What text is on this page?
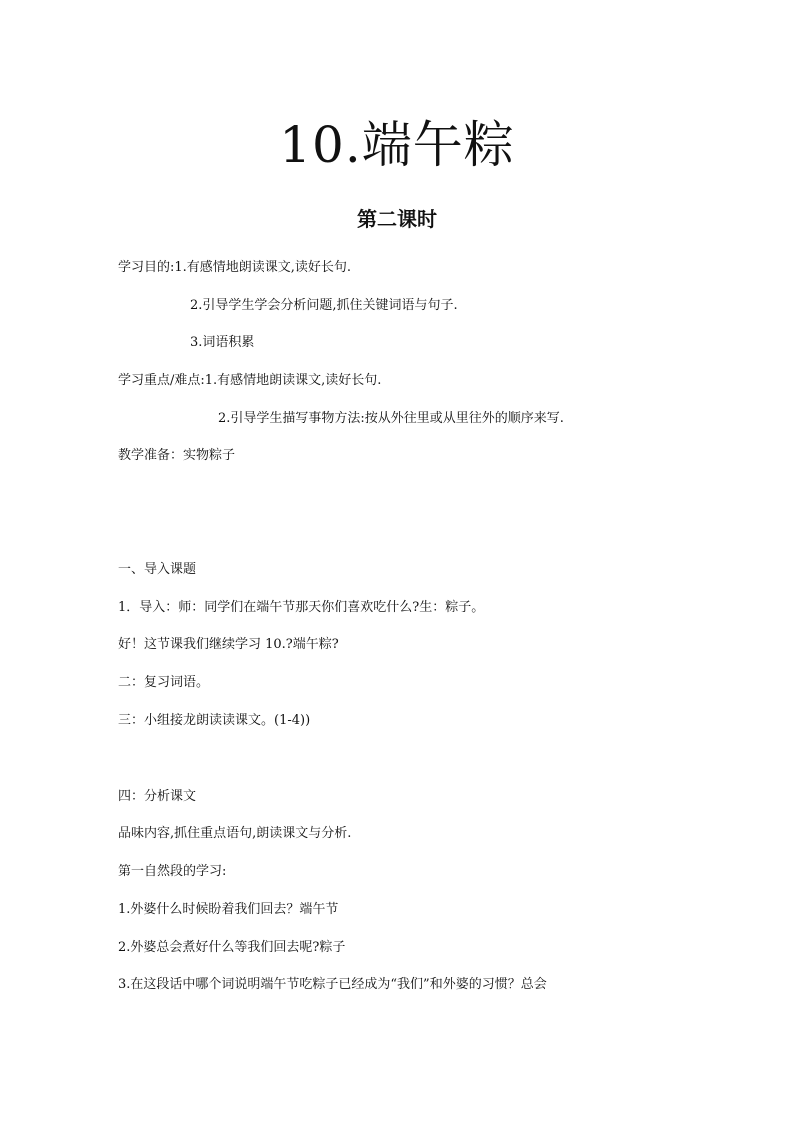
10.端午粽
第二课时

学习目的:1.有感情地朗读课文,读好长句.

2.引导学生学会分析问题,抓住关键词语与句子.

3.词语积累

学习重点/难点:1.有感情地朗读课文,读好长句.

2.引导学生描写事物方法:按从外往里或从里往外的顺序来写.

教学准备：实物粽子

一、导入课题

1．导入：师：同学们在端午节那天你们喜欢吃什么?生：粽子。

好！这节课我们继续学习 10.?端午粽?

二：复习词语。

三：小组接龙朗读读课文。(1-4))

四：分析课文

品味内容,抓住重点语句,朗读课文与分析.

第一自然段的学习:

1.外婆什么时候盼着我们回去？端午节

2.外婆总会煮好什么等我们回去呢?粽子

3.在这段话中哪个词说明端午节吃粽子已经成为“我们”和外婆的习惯？总会
